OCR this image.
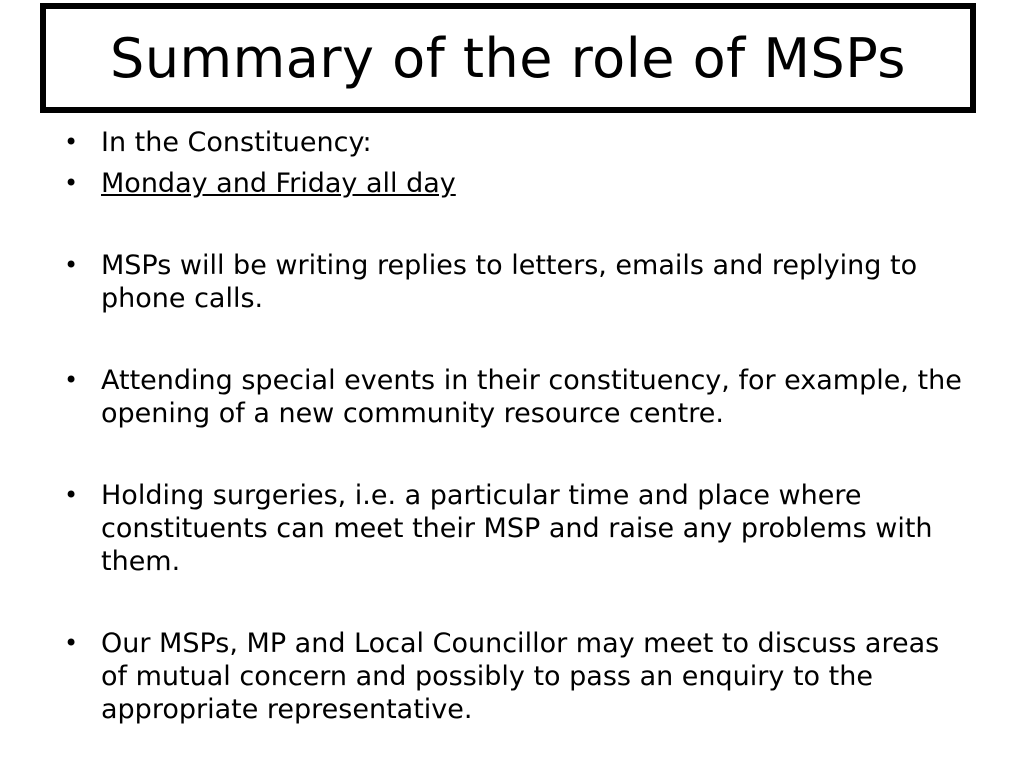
Summary of the role of MSPs
• In the Constituency:
• Monday and Friday all day
• MSPs will be writing replies to letters, emails and replying to phone calls.
• Attending special events in their constituency, for example, the opening of a new community resource centre.
• Holding surgeries, i.e. a particular time and place where constituents can meet their MSP and raise any problems with them.
• Our MSPs, MP and Local Councillor may meet to discuss areas of mutual concern and possibly to pass an enquiry to the appropriate representative.
